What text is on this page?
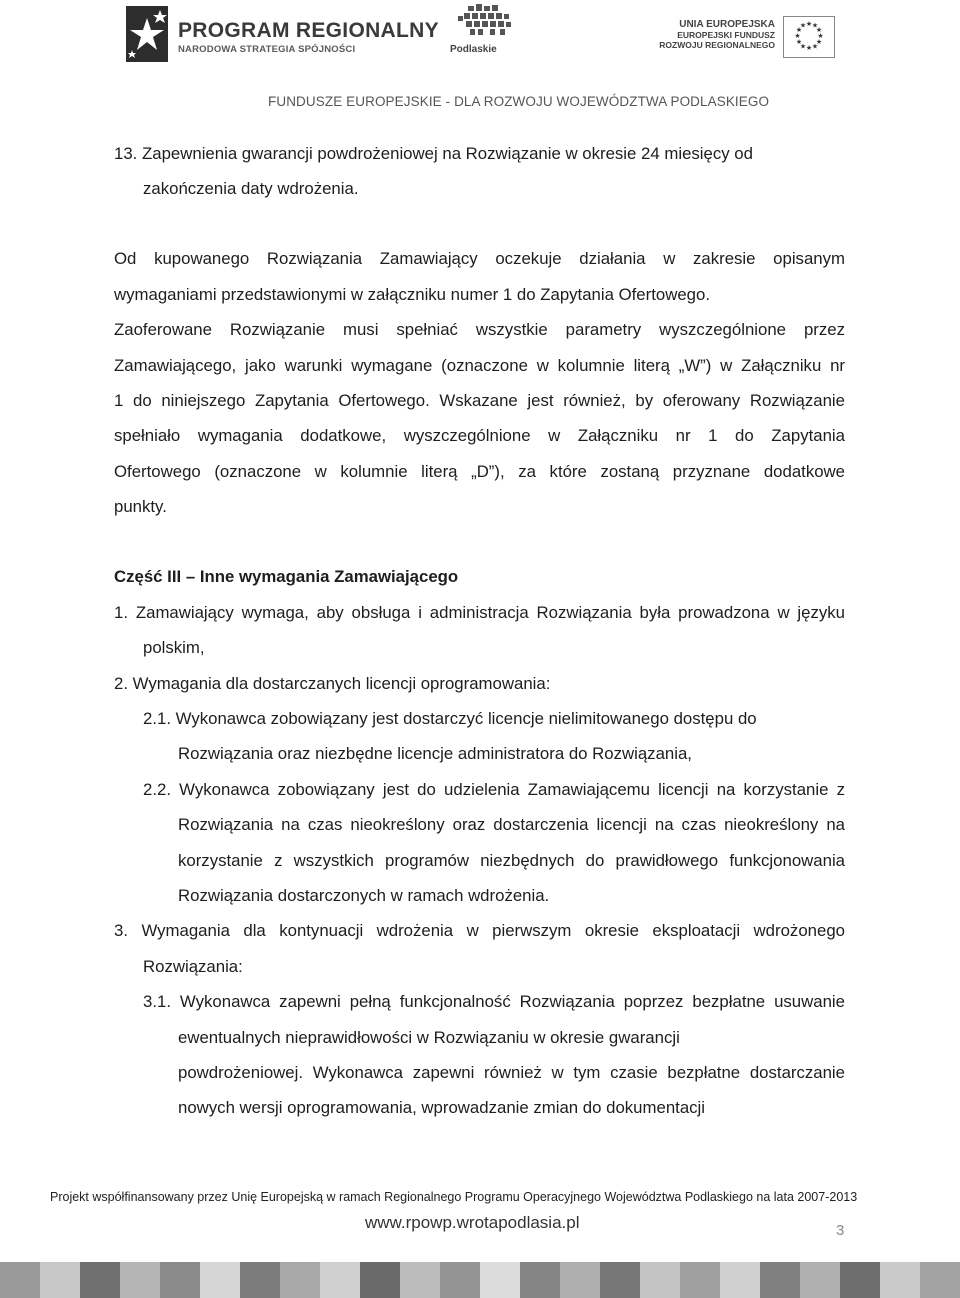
PROGRAM REGIONALNY
NARODOWA STRATEGIA SPÓJNOŚCI	Podlaskie
UNIA EUROPEJSKA
EUROPEJSKI FUNDUSZ
ROZWOJU REGIONALNEGO
★ ★
★
★
★
★
★
★
★
★
★
★
FUNDUSZE EUROPEJSKIE - DLA ROZWOJU WOJEWÓDZTWA PODLASKIEGO
13. Zapewnienia gwarancji powdrożeniowej na Rozwiązanie w okresie 24 miesięcy od
zakończenia daty wdrożenia.
Od kupowanego Rozwiązania Zamawiający oczekuje działania w zakresie opisanym
wymaganiami przedstawionymi w załączniku numer 1 do Zapytania Ofertowego.
Zaoferowane Rozwiązanie musi spełniać wszystkie parametry wyszczególnione przez
Zamawiającego, jako warunki wymagane (oznaczone w kolumnie literą „W”) w Załączniku nr
1 do niniejszego Zapytania Ofertowego. Wskazane jest również, by oferowany Rozwiązanie
spełniało wymagania dodatkowe, wyszczególnione w Załączniku nr 1 do Zapytania
Ofertowego (oznaczone w kolumnie literą „D”), za które zostaną przyznane dodatkowe
punkty.
Część III – Inne wymagania Zamawiającego
1. Zamawiający wymaga, aby obsługa i administracja Rozwiązania była prowadzona w języku
polskim,
2. Wymagania dla dostarczanych licencji oprogramowania:
2.1. Wykonawca zobowiązany jest dostarczyć licencje nielimitowanego dostępu do
Rozwiązania oraz niezbędne licencje administratora do Rozwiązania,
2.2. Wykonawca zobowiązany jest do udzielenia Zamawiającemu licencji na korzystanie z
Rozwiązania na czas nieokreślony oraz dostarczenia licencji na czas nieokreślony na
korzystanie z wszystkich programów niezbędnych do prawidłowego funkcjonowania
Rozwiązania dostarczonych w ramach wdrożenia.
3. Wymagania dla kontynuacji wdrożenia w pierwszym okresie eksploatacji wdrożonego
Rozwiązania:
3.1. Wykonawca zapewni pełną funkcjonalność Rozwiązania poprzez bezpłatne usuwanie
ewentualnych nieprawidłowości w Rozwiązaniu w okresie gwarancji
powdrożeniowej. Wykonawca zapewni również w tym czasie bezpłatne dostarczanie
nowych wersji oprogramowania, wprowadzanie zmian do dokumentacji
Projekt współfinansowany przez Unię Europejską w ramach Regionalnego Programu Operacyjnego Województwa Podlaskiego na lata 2007-2013
www.rpowp.wrotapodlasia.pl	3
